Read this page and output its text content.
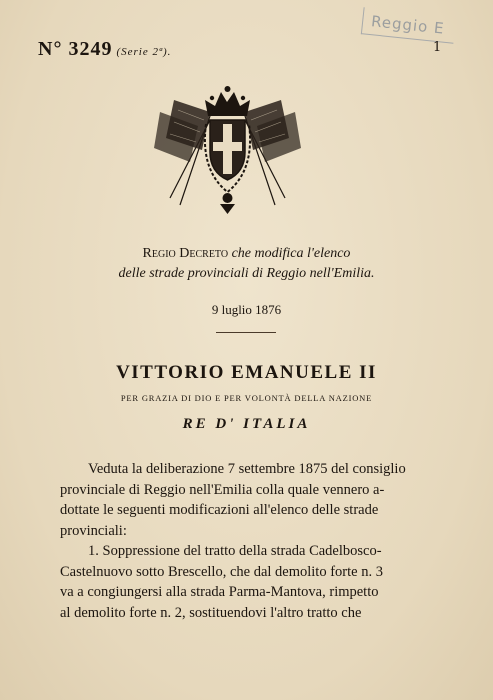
Reggio E
N° 3249 (Serie 2ª).	1
Regio Decreto che modifica l'elenco
delle strade provinciali di Reggio nell'Emilia.
9 luglio 1876
VITTORIO EMANUELE II
PER GRAZIA DI DIO E PER VOLONTÀ DELLA NAZIONE
RE D' ITALIA
Veduta la deliberazione 7 settembre 1875 del consiglio
provinciale di Reggio nell'Emilia colla quale vennero a-
dottate le seguenti modificazioni all'elenco delle strade
provinciali:
1. Soppressione del tratto della strada Cadelbosco-
Castelnuovo sotto Brescello, che dal demolito forte n. 3
va a congiungersi alla strada Parma-Mantova, rimpetto
al demolito forte n. 2, sostituendovi l'altro tratto che
